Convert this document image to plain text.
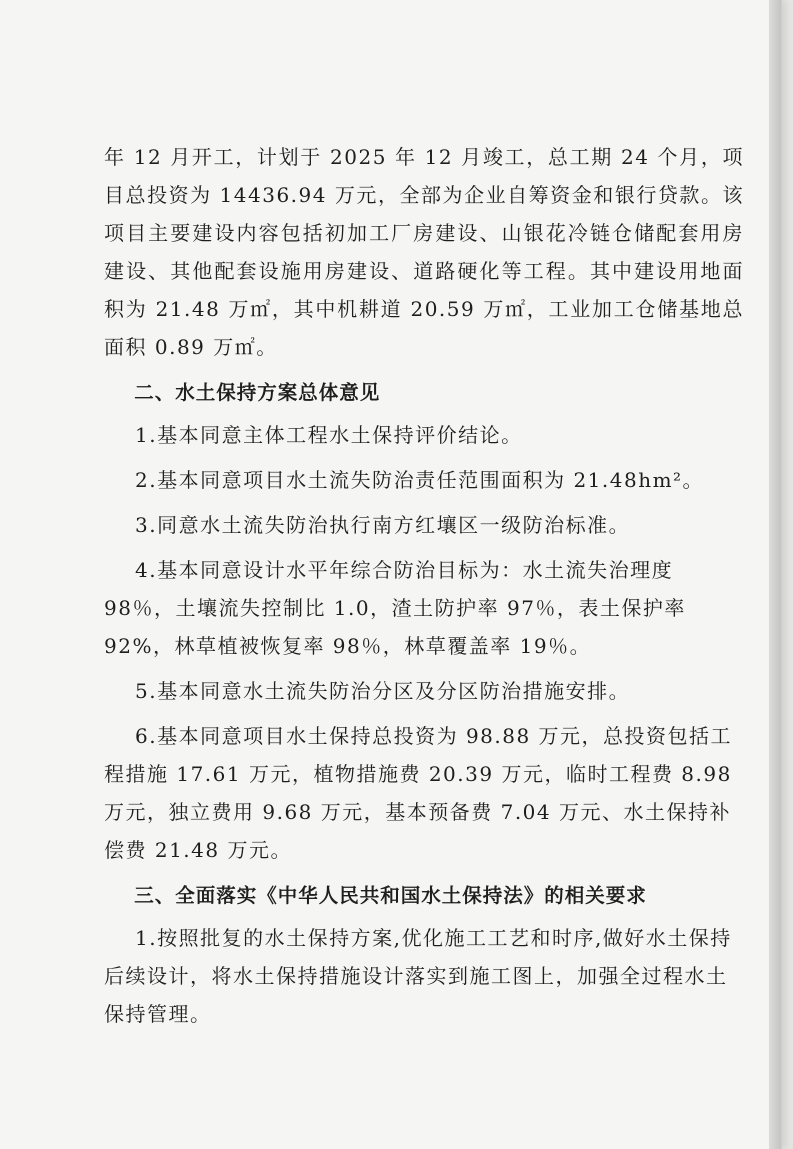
年 12 月开工，计划于 2025 年 12 月竣工，总工期 24 个月，项目总投资为 14436.94 万元，全部为企业自筹资金和银行贷款。该项目主要建设内容包括初加工厂房建设、山银花冷链仓储配套用房建设、其他配套设施用房建设、道路硬化等工程。其中建设用地面积为 21.48 万㎡，其中机耕道 20.59 万㎡，工业加工仓储基地总面积 0.89 万㎡。

二、水土保持方案总体意见

1.基本同意主体工程水土保持评价结论。

2.基本同意项目水土流失防治责任范围面积为 21.48hm²。

3.同意水土流失防治执行南方红壤区一级防治标准。

4.基本同意设计水平年综合防治目标为：水土流失治理度 98％，土壤流失控制比 1.0，渣土防护率 97％，表土保护率 92%，林草植被恢复率 98％，林草覆盖率 19％。

5.基本同意水土流失防治分区及分区防治措施安排。

6.基本同意项目水土保持总投资为 98.88 万元，总投资包括工程措施 17.61 万元，植物措施费 20.39 万元，临时工程费 8.98 万元，独立费用 9.68 万元，基本预备费 7.04 万元、水土保持补偿费 21.48 万元。

三、全面落实《中华人民共和国水土保持法》的相关要求

1.按照批复的水土保持方案,优化施工工艺和时序,做好水土保持后续设计，将水土保持措施设计落实到施工图上，加强全过程水土保持管理。
